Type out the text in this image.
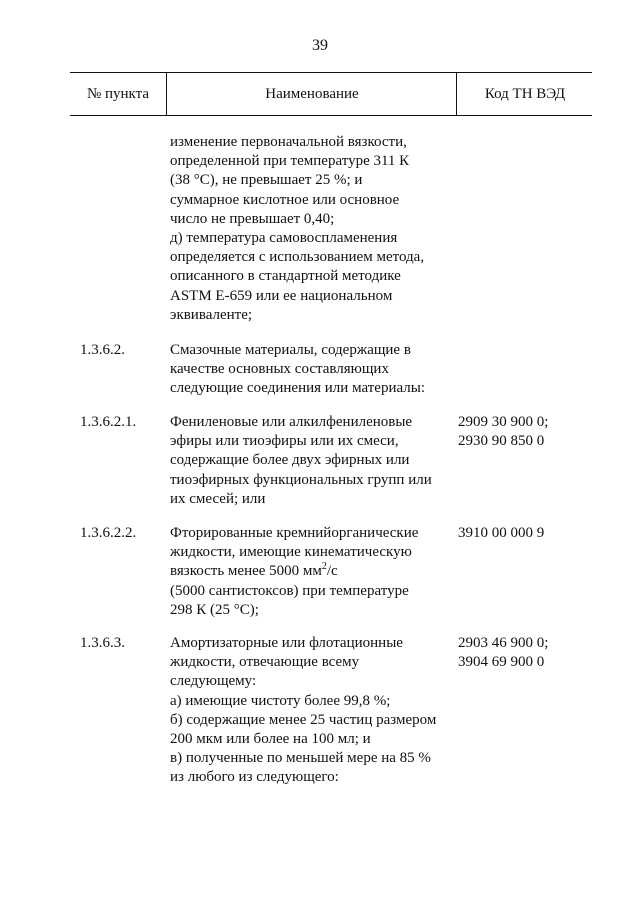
39
№ пункта	Наименование	Код ТН ВЭД
изменение первоначальной вязкости,
определенной при температуре 311 К
(38 °С), не превышает 25 %; и
суммарное кислотное или основное
число не превышает 0,40;
д) температура самовоспламенения
определяется с использованием метода,
описанного в стандартной методике
ASTM E-659 или ее национальном
эквиваленте;
1.3.6.2.	Смазочные материалы, содержащие в
качестве основных составляющих
следующие соединения или материалы:
1.3.6.2.1.	Фениленовые или алкилфениленовые
эфиры или тиоэфиры или их смеси,
содержащие более двух эфирных или
тиоэфирных функциональных групп или
их смесей; или
2909 30 900 0;
2930 90 850 0
1.3.6.2.2.	Фторированные кремнийорганические
жидкости, имеющие кинематическую
вязкость менее 5000 $мм^2/с$
(5000 сантистоксов) при температуре
298 К (25 °С);
3910 00 000 9
1.3.6.3.	Амортизаторные или флотационные
жидкости, отвечающие всему
следующему:
а) имеющие чистоту более 99,8 %;
б) содержащие менее 25 частиц размером
200 мкм или более на 100 мл; и
в) полученные по меньшей мере на 85 %
из любого из следующего:
2903 46 900 0;
3904 69 900 0
